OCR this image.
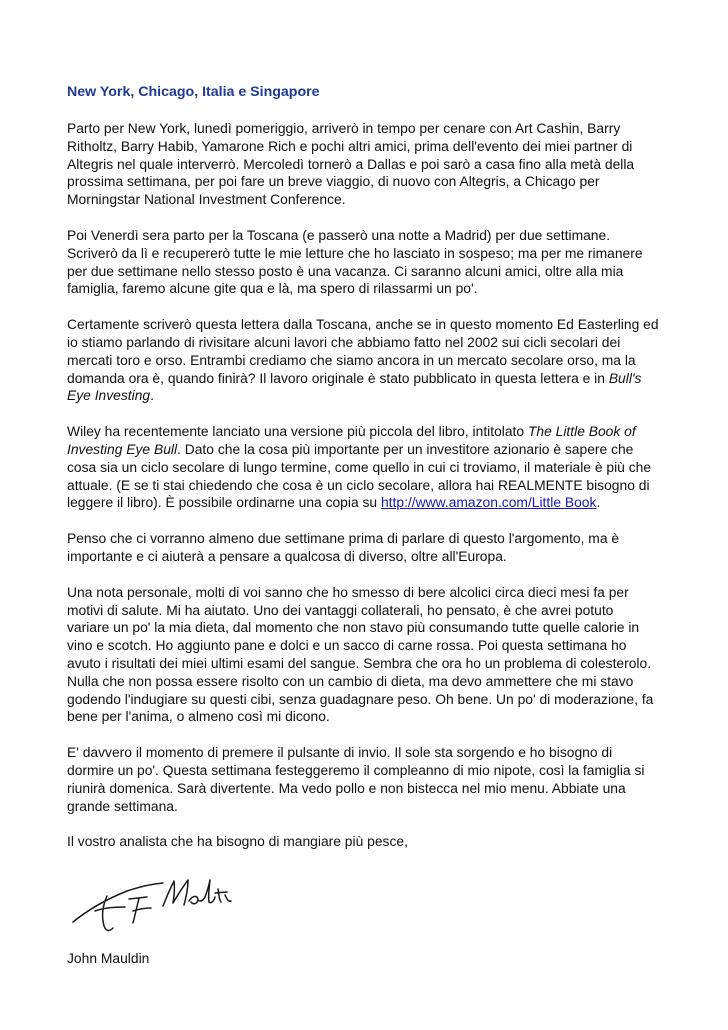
New York, Chicago, Italia e Singapore

Parto per New York, lunedì pomeriggio, arriverò in tempo per cenare con Art Cashin, Barry Ritholtz, Barry Habib, Yamarone Rich e pochi altri amici, prima dell'evento dei miei partner di Altegris nel quale interverrò. Mercoledì tornerò a Dallas e poi sarò a casa fino alla metà della prossima settimana, per poi fare un breve viaggio, di nuovo con Altegris, a Chicago per Morningstar National Investment Conference.

Poi Venerdì sera parto per la Toscana (e passerò una notte a Madrid) per due settimane. Scriverò da lì e recupererò tutte le mie letture che ho lasciato in sospeso; ma per me rimanere per due settimane nello stesso posto è una vacanza. Ci saranno alcuni amici, oltre alla mia famiglia, faremo alcune gite qua e là, ma spero di rilassarmi un po'.

Certamente scriverò questa lettera dalla Toscana, anche se in questo momento Ed Easterling ed io stiamo parlando di rivisitare alcuni lavori che abbiamo fatto nel 2002 sui cicli secolari dei mercati toro e orso. Entrambi crediamo che siamo ancora in un mercato secolare orso, ma la domanda ora è, quando finirà? Il lavoro originale è stato pubblicato in questa lettera e in Bull's Eye Investing.

Wiley ha recentemente lanciato una versione più piccola del libro, intitolato The Little Book of Investing Eye Bull. Dato che la cosa più importante per un investitore azionario è sapere che cosa sia un ciclo secolare di lungo termine, come quello in cui ci troviamo, il materiale è più che attuale. (E se ti stai chiedendo che cosa è un ciclo secolare, allora hai REALMENTE bisogno di leggere il libro). È possibile ordinarne una copia su http://www.amazon.com/Little Book.

Penso che ci vorranno almeno due settimane prima di parlare di questo l'argomento, ma è importante e ci aiuterà a pensare a qualcosa di diverso, oltre all'Europa.

Una nota personale, molti di voi sanno che ho smesso di bere alcolici circa dieci mesi fa per motivi di salute. Mi ha aiutato. Uno dei vantaggi collaterali, ho pensato, è che avrei potuto variare un po' la mia dieta, dal momento che non stavo più consumando tutte quelle calorie in vino e scotch. Ho aggiunto pane e dolci e un sacco di carne rossa. Poi questa settimana ho avuto i risultati dei miei ultimi esami del sangue. Sembra che ora ho un problema di colesterolo. Nulla che non possa essere risolto con un cambio di dieta, ma devo ammettere che mi stavo godendo l'indugiare su questi cibi, senza guadagnare peso. Oh bene. Un po' di moderazione, fa bene per l'anima, o almeno così mi dicono.

E' davvero il momento di premere il pulsante di invio. Il sole sta sorgendo e ho bisogno di dormire un po'. Questa settimana festeggeremo il compleanno di mio nipote, così la famiglia si riunirà domenica. Sarà divertente. Ma vedo pollo e non bistecca nel mio menu. Abbiate una grande settimana.

Il vostro analista che ha bisogno di mangiare più pesce,

John Mauldin
